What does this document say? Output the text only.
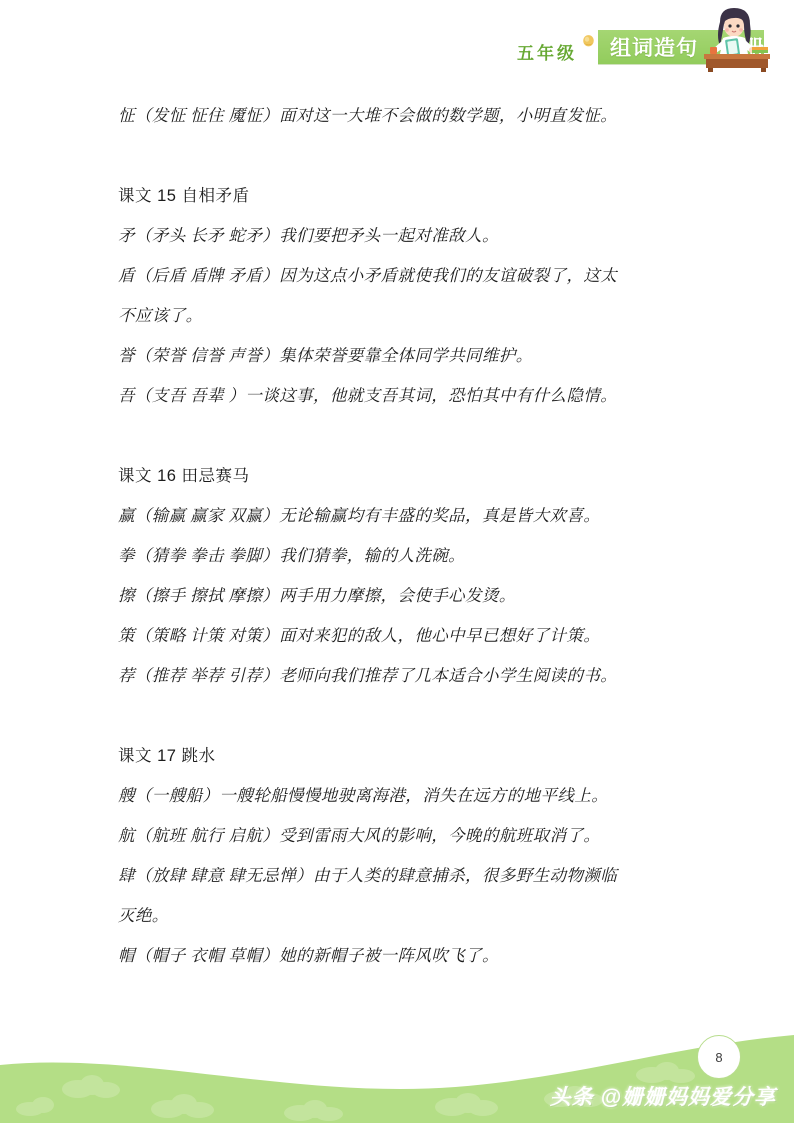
五年级 组词造句
怔（发怔 怔住 魇怔）面对这一大堆不会做的数学题，小明直发怔。
课文 15 自相矛盾
矛（矛头 长矛 蛇矛）我们要把矛头一起对准敌人。
盾（后盾 盾牌 矛盾）因为这点小矛盾就使我们的友谊破裂了，这太
不应该了。
誉（荣誉 信誉 声誉）集体荣誉要靠全体同学共同维护。
吾（支吾 吾辈 ）一谈这事，他就支吾其词，恐怕其中有什么隐情。
课文 16 田忌赛马
赢（输赢 赢家 双赢）无论输赢均有丰盛的奖品，真是皆大欢喜。
拳（猜拳 拳击 拳脚）我们猜拳，输的人洗碗。
擦（擦手 擦拭 摩擦）两手用力摩擦，会使手心发烫。
策（策略 计策 对策）面对来犯的敌人，他心中早已想好了计策。
荐（推荐 举荐 引荐）老师向我们推荐了几本适合小学生阅读的书。
课文 17 跳水
艘（一艘船）一艘轮船慢慢地驶离海港，消失在远方的地平线上。
航（航班 航行 启航）受到雷雨大风的影响，今晚的航班取消了。
肆（放肆 肆意 肆无忌惮）由于人类的肆意捕杀，很多野生动物濒临
灭绝。
帽（帽子 衣帽 草帽）她的新帽子被一阵风吹飞了。
8
头条 @姗姗妈妈爱分享
